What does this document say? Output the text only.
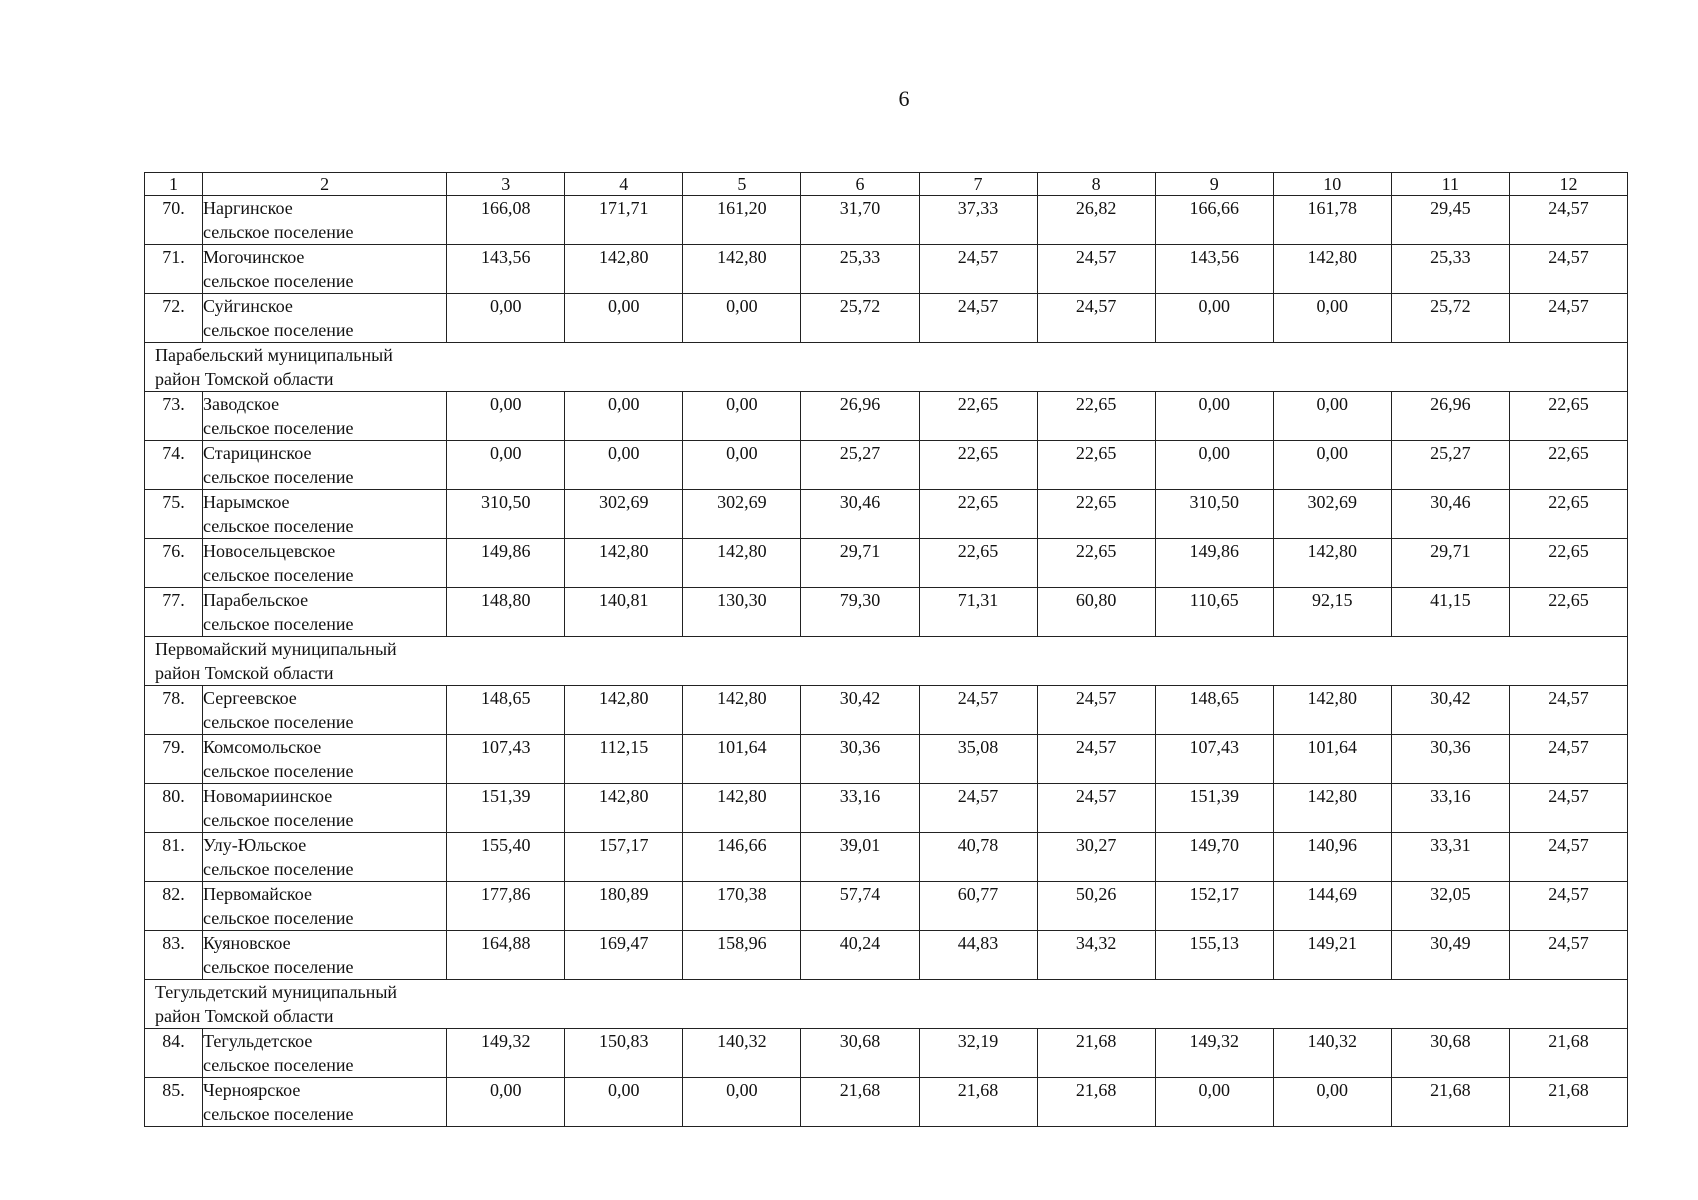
6
1	2	3	4	5	6	7	8	9	10	11	12
70.	Наргинское
сельское поселение	166,08	171,71	161,20	31,70	37,33	26,82	166,66	161,78	29,45	24,57
71.	Могочинское
сельское поселение	143,56	142,80	142,80	25,33	24,57	24,57	143,56	142,80	25,33	24,57
72.	Суйгинское
сельское поселение	0,00	0,00	0,00	25,72	24,57	24,57	0,00	0,00	25,72	24,57

Парабельский муниципальный
район Томской области											

73.	Заводское
сельское поселение	0,00	0,00	0,00	26,96	22,65	22,65	0,00	0,00	26,96	22,65
74.	Старицинское
сельское поселение	0,00	0,00	0,00	25,27	22,65	22,65	0,00	0,00	25,27	22,65
75.	Нарымское
сельское поселение	310,50	302,69	302,69	30,46	22,65	22,65	310,50	302,69	30,46	22,65
76.	Новосельцевское
сельское поселение	149,86	142,80	142,80	29,71	22,65	22,65	149,86	142,80	29,71	22,65
77.	Парабельское
сельское поселение	148,80	140,81	130,30	79,30	71,31	60,80	110,65	92,15	41,15	22,65

Первомайский муниципальный
район Томской области											

78.	Сергеевское
сельское поселение	148,65	142,80	142,80	30,42	24,57	24,57	148,65	142,80	30,42	24,57
79.	Комсомольское
сельское поселение	107,43	112,15	101,64	30,36	35,08	24,57	107,43	101,64	30,36	24,57
80.	Новомариинское
сельское поселение	151,39	142,80	142,80	33,16	24,57	24,57	151,39	142,80	33,16	24,57
81.	Улу-Юльское
сельское поселение	155,40	157,17	146,66	39,01	40,78	30,27	149,70	140,96	33,31	24,57
82.	Первомайское
сельское поселение	177,86	180,89	170,38	57,74	60,77	50,26	152,17	144,69	32,05	24,57
83.	Куяновское
сельское поселение	164,88	169,47	158,96	40,24	44,83	34,32	155,13	149,21	30,49	24,57

Тегульдетский муниципальный
район Томской области											

84.	Тегульдетское
сельское поселение	149,32	150,83	140,32	30,68	32,19	21,68	149,32	140,32	30,68	21,68
85.	Черноярское
сельское поселение	0,00	0,00	0,00	21,68	21,68	21,68	0,00	0,00	21,68	21,68
